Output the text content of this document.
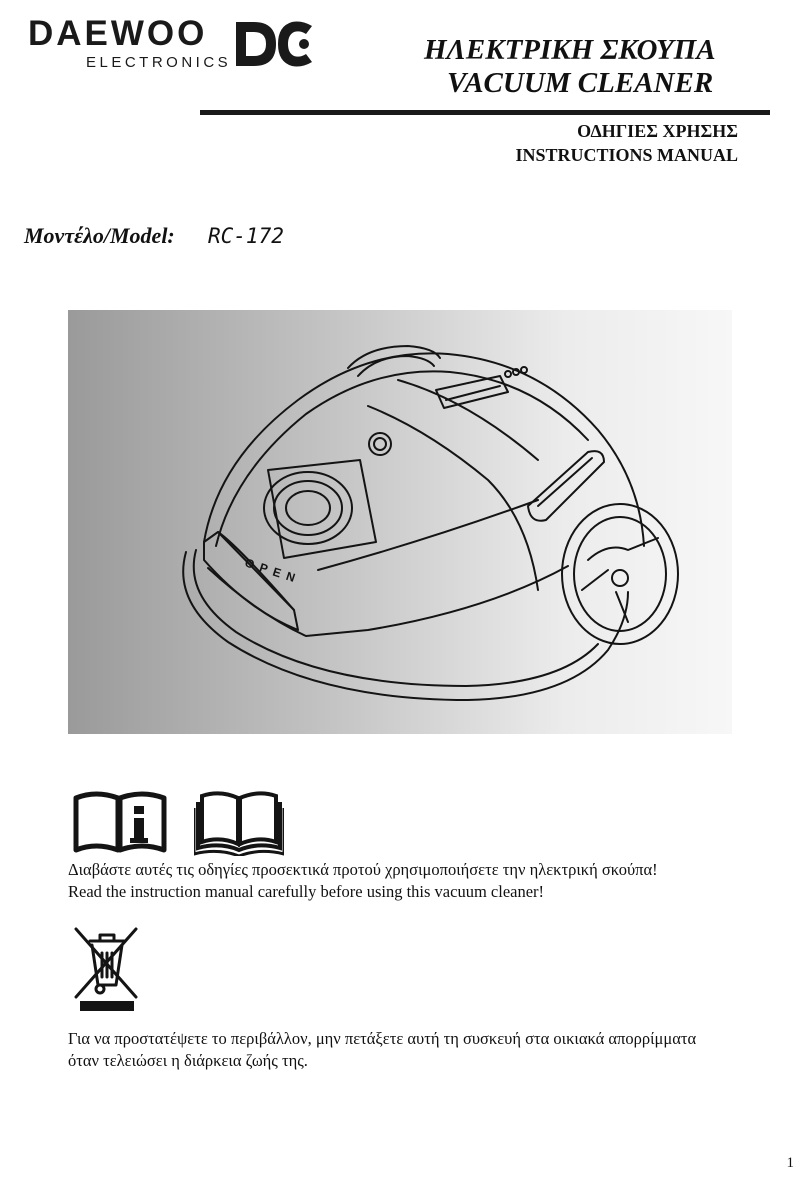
DAEWOO
ELECTRONICS	ΗΛΕΚΤΡΙΚΗ ΣΚΟΥΠΑ
VACUUM CLEANER
ΟΔΗΓΙΕΣ ΧΡΗΣΗΣ
INSTRUCTIONS MANUAL
Μοντέλο/Model: RC-172
OPEN
Διαβάστε αυτές τις οδηγίες προσεκτικά προτού χρησιμοποιήσετε την ηλεκτρική σκούπα!
Read the instruction manual carefully before using this vacuum cleaner!
Για να προστατέψετε το περιβάλλον, μην πετάξετε αυτή τη συσκευή στα οικιακά απορρίμματα
όταν τελειώσει η διάρκεια ζωής της.
1
